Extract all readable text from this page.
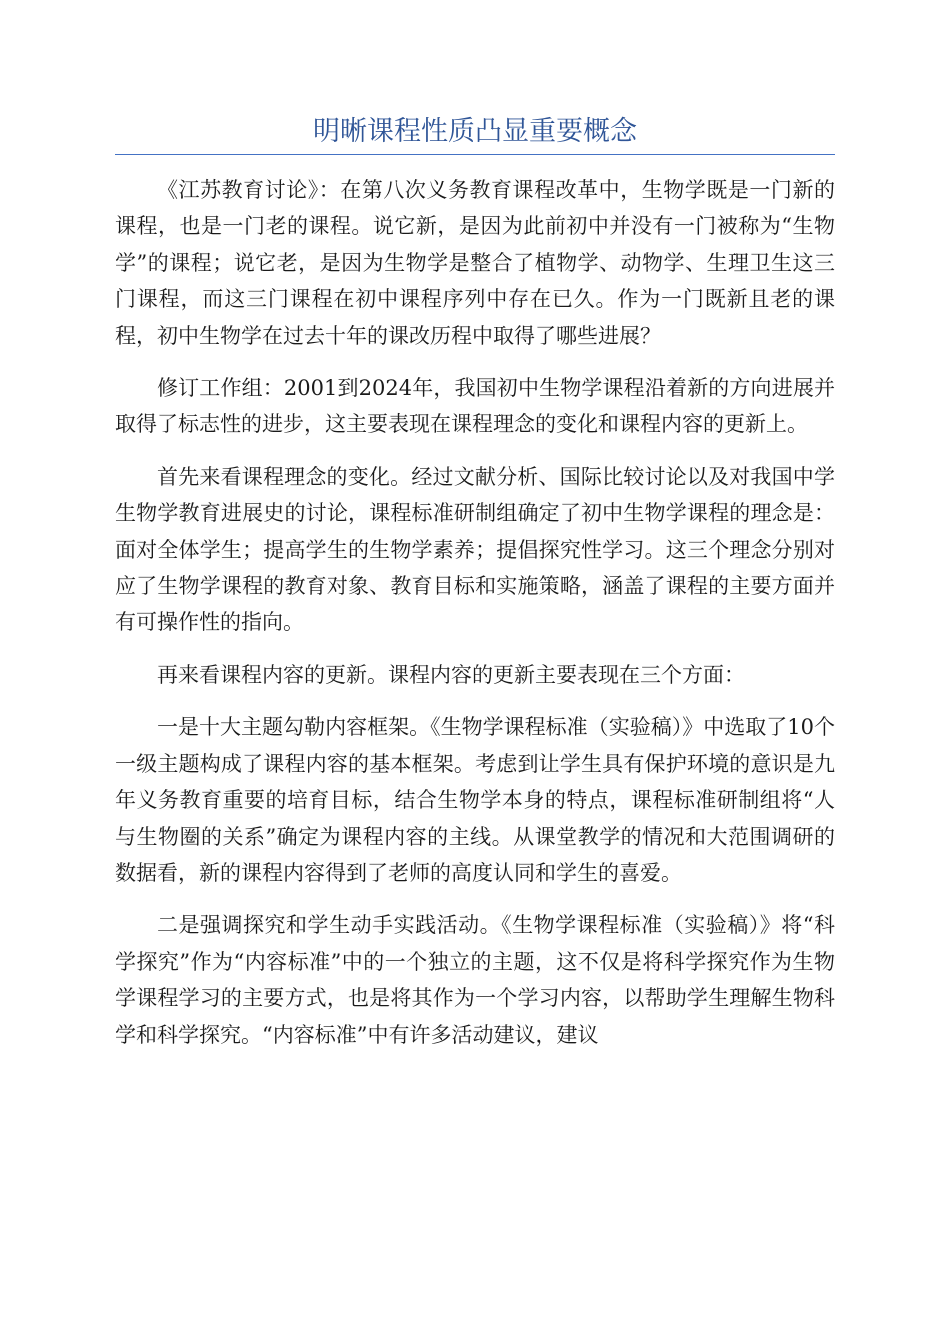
明晰课程性质凸显重要概念

《江苏教育讨论》：在第八次义务教育课程改革中，生物学既是一门新的课程，也是一门老的课程。说它新，是因为此前初中并没有一门被称为“生物学”的课程；说它老，是因为生物学是整合了植物学、动物学、生理卫生这三门课程，而这三门课程在初中课程序列中存在已久。作为一门既新且老的课程，初中生物学在过去十年的课改历程中取得了哪些进展？

修订工作组：2001到2024年，我国初中生物学课程沿着新的方向进展并取得了标志性的进步，这主要表现在课程理念的变化和课程内容的更新上。

首先来看课程理念的变化。经过文献分析、国际比较讨论以及对我国中学生物学教育进展史的讨论，课程标准研制组确定了初中生物学课程的理念是：面对全体学生；提高学生的生物学素养；提倡探究性学习。这三个理念分别对应了生物学课程的教育对象、教育目标和实施策略，涵盖了课程的主要方面并有可操作性的指向。

再来看课程内容的更新。课程内容的更新主要表现在三个方面：

一是十大主题勾勒内容框架。《生物学课程标准（实验稿）》中选取了10个一级主题构成了课程内容的基本框架。考虑到让学生具有保护环境的意识是九年义务教育重要的培育目标，结合生物学本身的特点，课程标准研制组将“人与生物圈的关系”确定为课程内容的主线。从课堂教学的情况和大范围调研的数据看，新的课程内容得到了老师的高度认同和学生的喜爱。

二是强调探究和学生动手实践活动。《生物学课程标准（实验稿）》将“科学探究”作为“内容标准”中的一个独立的主题，这不仅是将科学探究作为生物学课程学习的主要方式，也是将其作为一个学习内容，以帮助学生理解生物科学和科学探究。“内容标准”中有许多活动建议，建议
